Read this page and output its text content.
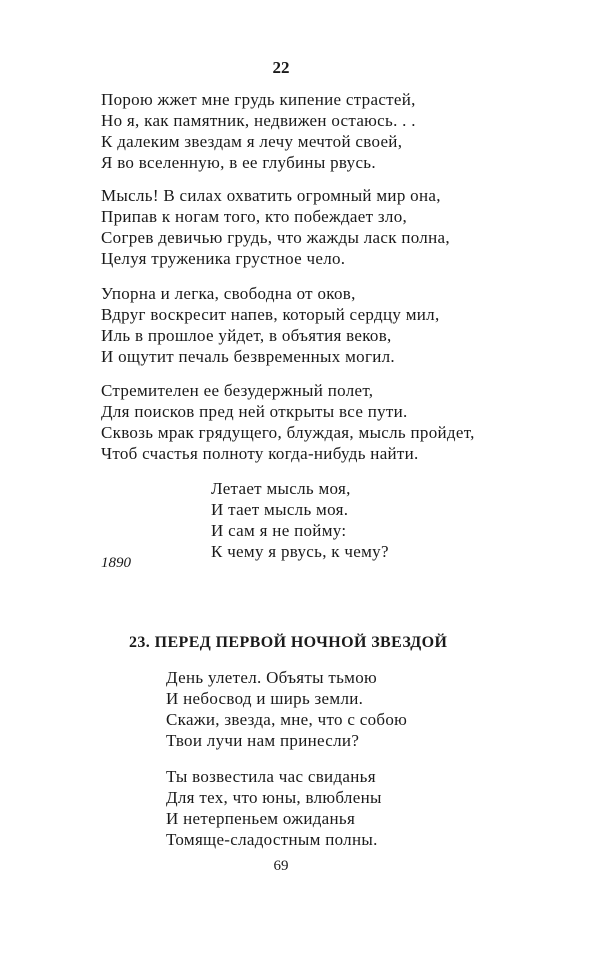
22
Порою жжет мне грудь кипение страстей,
Но я, как памятник, недвижен остаюсь. . .
К далеким звездам я лечу мечтой своей,
Я во вселенную, в ее глубины рвусь.
Мысль! В силах охватить огромный мир она,
Припав к ногам того, кто побеждает зло,
Согрев девичью грудь, что жажды ласк полна,
Целуя труженика грустное чело.
Упорна и легка, свободна от оков,
Вдруг воскресит напев, который сердцу мил,
Иль в прошлое уйдет, в объятия веков,
И ощутит печаль безвременных могил.
Стремителен ее безудержный полет,
Для поисков пред ней открыты все пути.
Сквозь мрак грядущего, блуждая, мысль пройдет,
Чтоб счастья полноту когда-нибудь найти.
Летает мысль моя,
И тает мысль моя.
И сам я не пойму:
К чему я рвусь, к чему?
1890
23. ПЕРЕД ПЕРВОЙ НОЧНОЙ ЗВЕЗДОЙ
День улетел. Объяты тьмою
И небосвод и ширь земли.
Скажи, звезда, мне, что с собою
Твои лучи нам принесли?
Ты возвестила час свиданья
Для тех, что юны, влюблены
И нетерпеньем ожиданья
Томяще-сладостным полны.
69
